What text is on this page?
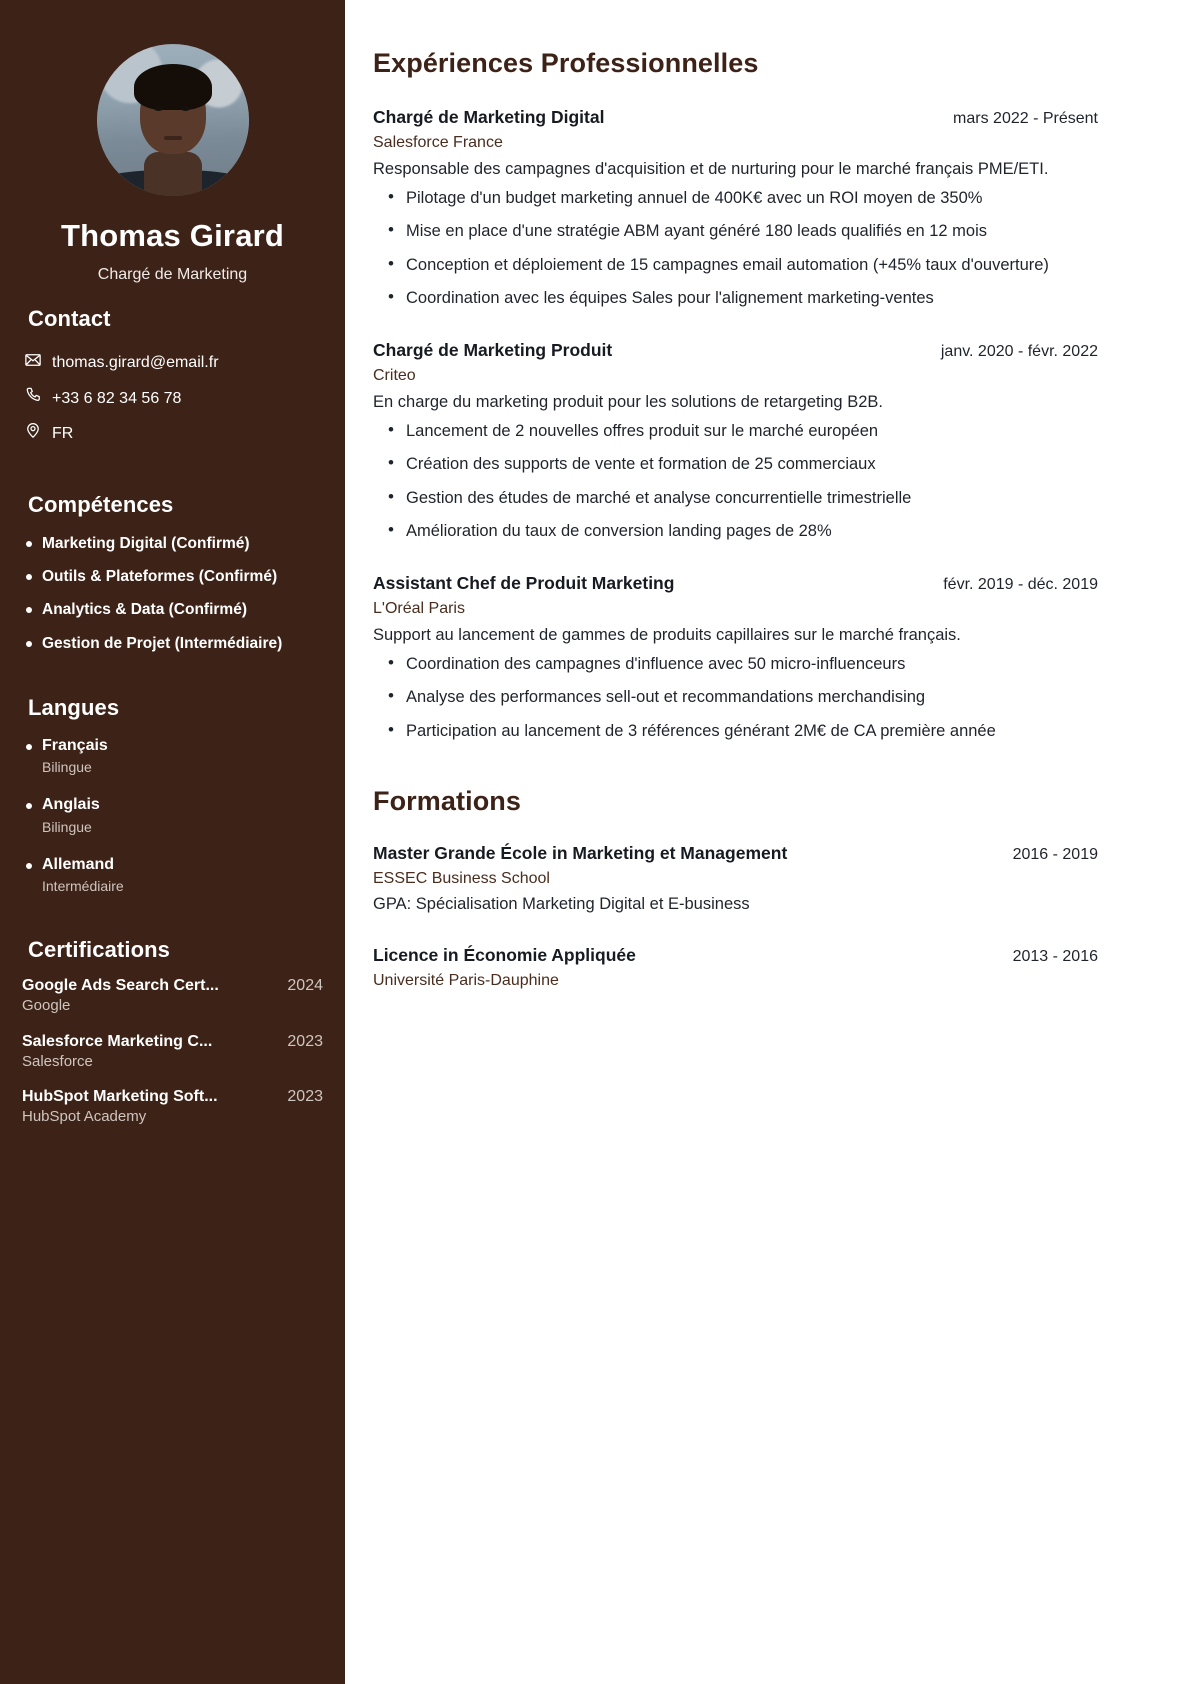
Thomas Girard
Chargé de Marketing
Contact
thomas.girard@email.fr
+33 6 82 34 56 78
FR
Compétences
Marketing Digital (Confirmé)
Outils & Plateformes (Confirmé)
Analytics & Data (Confirmé)
Gestion de Projet (Intermédiaire)
Langues
Français
Bilingue
Anglais
Bilingue
Allemand
Intermédiaire
Certifications
Google Ads Search Cert...	2024
Google
Salesforce Marketing C...	2023
Salesforce
HubSpot Marketing Soft...	2023
HubSpot Academy
Expériences Professionnelles
Chargé de Marketing Digital	mars 2022 - Présent
Salesforce France
Responsable des campagnes d'acquisition et de nurturing pour le marché français PME/ETI.
• Pilotage d'un budget marketing annuel de 400K€ avec un ROI moyen de 350%
• Mise en place d'une stratégie ABM ayant généré 180 leads qualifiés en 12 mois
• Conception et déploiement de 15 campagnes email automation (+45% taux d'ouverture)
• Coordination avec les équipes Sales pour l'alignement marketing-ventes
Chargé de Marketing Produit	janv. 2020 - févr. 2022
Criteo
En charge du marketing produit pour les solutions de retargeting B2B.
• Lancement de 2 nouvelles offres produit sur le marché européen
• Création des supports de vente et formation de 25 commerciaux
• Gestion des études de marché et analyse concurrentielle trimestrielle
• Amélioration du taux de conversion landing pages de 28%
Assistant Chef de Produit Marketing	févr. 2019 - déc. 2019
L'Oréal Paris
Support au lancement de gammes de produits capillaires sur le marché français.
• Coordination des campagnes d'influence avec 50 micro-influenceurs
• Analyse des performances sell-out et recommandations merchandising
• Participation au lancement de 3 références générant 2M€ de CA première année
Formations
Master Grande École in Marketing et Management	2016 - 2019
ESSEC Business School
GPA: Spécialisation Marketing Digital et E-business
Licence in Économie Appliquée	2013 - 2016
Université Paris-Dauphine
